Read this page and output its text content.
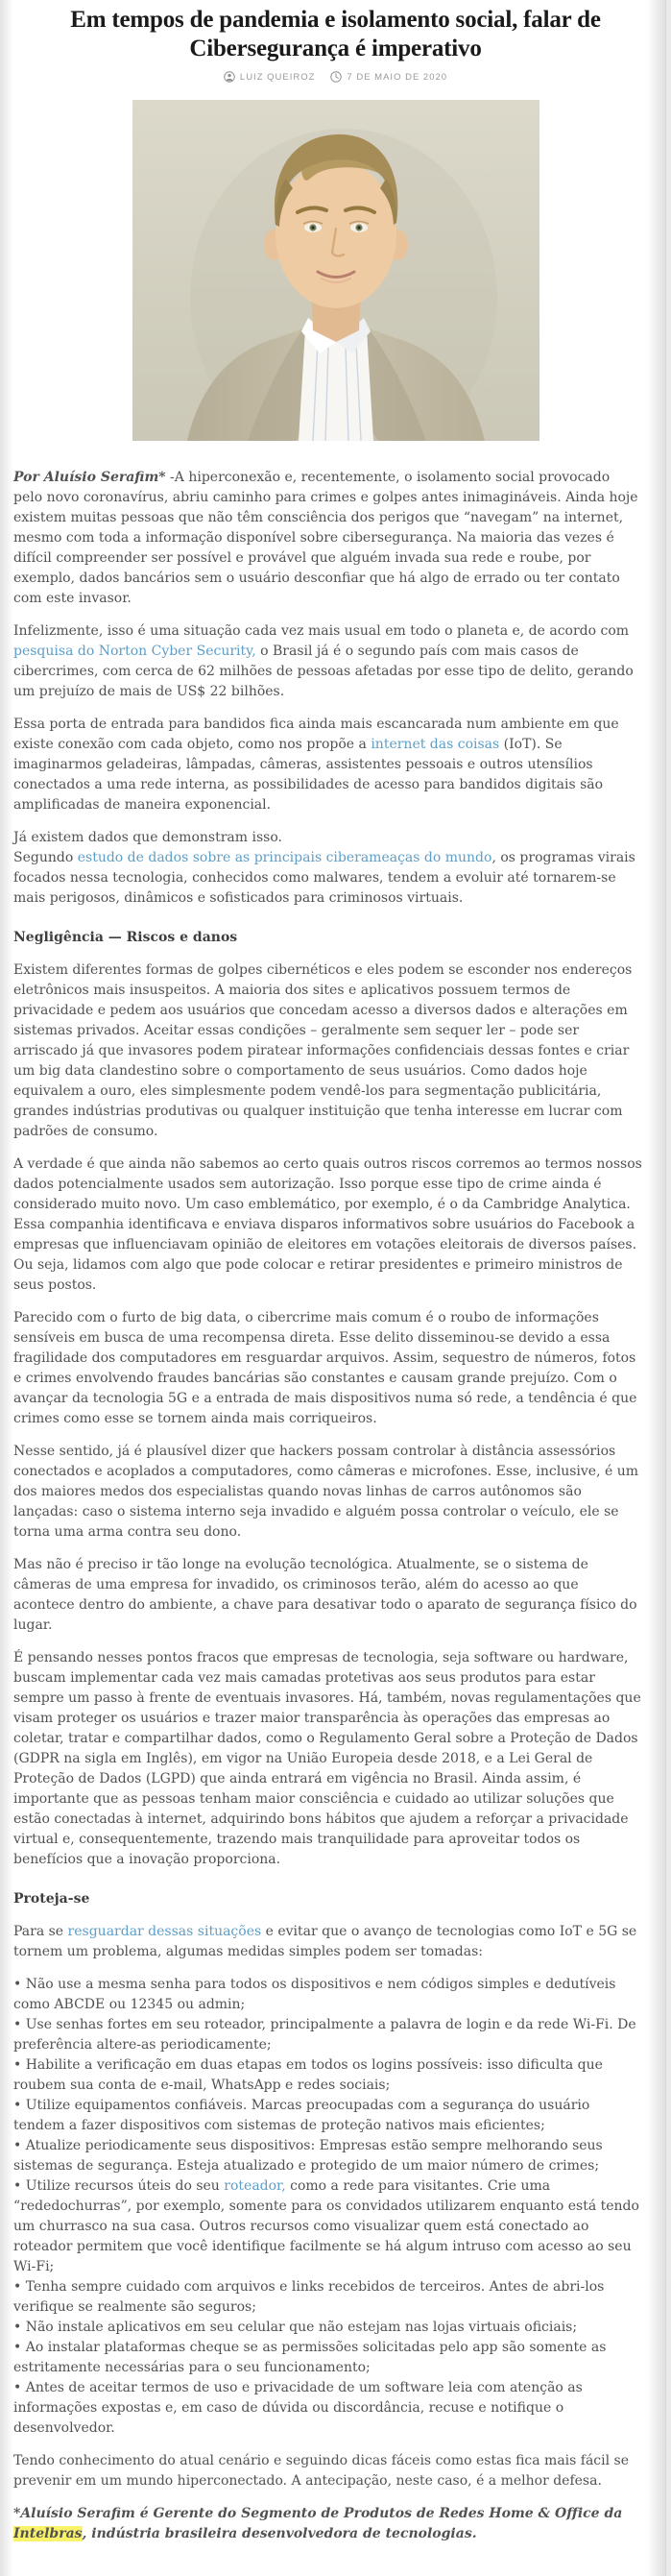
Em tempos de pandemia e isolamento social, falar de Cibersegurança é imperativo
LUIZ QUEIROZ	7 DE MAIO DE 2020

Por Aluísio Serafim* -A hiperconexão e, recentemente, o isolamento social provocado pelo novo coronavírus, abriu caminho para crimes e golpes antes inimagináveis. Ainda hoje existem muitas pessoas que não têm consciência dos perigos que “navegam” na internet, mesmo com toda a informação disponível sobre cibersegurança. Na maioria das vezes é difícil compreender ser possível e provável que alguém invada sua rede e roube, por exemplo, dados bancários sem o usuário desconfiar que há algo de errado ou ter contato com este invasor.

Infelizmente, isso é uma situação cada vez mais usual em todo o planeta e, de acordo com pesquisa do Norton Cyber Security, o Brasil já é o segundo país com mais casos de cibercrimes, com cerca de 62 milhões de pessoas afetadas por esse tipo de delito, gerando um prejuízo de mais de US$ 22 bilhões.

Essa porta de entrada para bandidos fica ainda mais escancarada num ambiente em que existe conexão com cada objeto, como nos propõe a internet das coisas (IoT). Se imaginarmos geladeiras, lâmpadas, câmeras, assistentes pessoais e outros utensílios conectados a uma rede interna, as possibilidades de acesso para bandidos digitais são amplificadas de maneira exponencial.

Já existem dados que demonstram isso.
Segundo estudo de dados sobre as principais ciberameaças do mundo, os programas virais focados nessa tecnologia, conhecidos como malwares, tendem a evoluir até tornarem-se mais perigosos, dinâmicos e sofisticados para criminosos virtuais.

Negligência — Riscos e danos

Existem diferentes formas de golpes cibernéticos e eles podem se esconder nos endereços eletrônicos mais insuspeitos. A maioria dos sites e aplicativos possuem termos de privacidade e pedem aos usuários que concedam acesso a diversos dados e alterações em sistemas privados. Aceitar essas condições – geralmente sem sequer ler – pode ser arriscado já que invasores podem piratear informações confidenciais dessas fontes e criar um big data clandestino sobre o comportamento de seus usuários. Como dados hoje equivalem a ouro, eles simplesmente podem vendê-los para segmentação publicitária, grandes indústrias produtivas ou qualquer instituição que tenha interesse em lucrar com padrões de consumo.

A verdade é que ainda não sabemos ao certo quais outros riscos corremos ao termos nossos dados potencialmente usados sem autorização. Isso porque esse tipo de crime ainda é considerado muito novo. Um caso emblemático, por exemplo, é o da Cambridge Analytica. Essa companhia identificava e enviava disparos informativos sobre usuários do Facebook a empresas que influenciavam opinião de eleitores em votações eleitorais de diversos países. Ou seja, lidamos com algo que pode colocar e retirar presidentes e primeiro ministros de seus postos.

Parecido com o furto de big data, o cibercrime mais comum é o roubo de informações sensíveis em busca de uma recompensa direta. Esse delito disseminou-se devido a essa fragilidade dos computadores em resguardar arquivos. Assim, sequestro de números, fotos e crimes envolvendo fraudes bancárias são constantes e causam grande prejuízo. Com o avançar da tecnologia 5G e a entrada de mais dispositivos numa só rede, a tendência é que crimes como esse se tornem ainda mais corriqueiros.

Nesse sentido, já é plausível dizer que hackers possam controlar à distância assessórios conectados e acoplados a computadores, como câmeras e microfones. Esse, inclusive, é um dos maiores medos dos especialistas quando novas linhas de carros autônomos são lançadas: caso o sistema interno seja invadido e alguém possa controlar o veículo, ele se torna uma arma contra seu dono.

Mas não é preciso ir tão longe na evolução tecnológica. Atualmente, se o sistema de câmeras de uma empresa for invadido, os criminosos terão, além do acesso ao que acontece dentro do ambiente, a chave para desativar todo o aparato de segurança físico do lugar.

É pensando nesses pontos fracos que empresas de tecnologia, seja software ou hardware, buscam implementar cada vez mais camadas protetivas aos seus produtos para estar sempre um passo à frente de eventuais invasores. Há, também, novas regulamentações que visam proteger os usuários e trazer maior transparência às operações das empresas ao coletar, tratar e compartilhar dados, como o Regulamento Geral sobre a Proteção de Dados (GDPR na sigla em Inglês), em vigor na União Europeia desde 2018, e a Lei Geral de Proteção de Dados (LGPD) que ainda entrará em vigência no Brasil. Ainda assim, é importante que as pessoas tenham maior consciência e cuidado ao utilizar soluções que estão conectadas à internet, adquirindo bons hábitos que ajudem a reforçar a privacidade virtual e, consequentemente, trazendo mais tranquilidade para aproveitar todos os benefícios que a inovação proporciona.

Proteja-se

Para se resguardar dessas situações e evitar que o avanço de tecnologias como IoT e 5G se tornem um problema, algumas medidas simples podem ser tomadas:

• Não use a mesma senha para todos os dispositivos e nem códigos simples e dedutíveis como ABCDE ou 12345 ou admin;
• Use senhas fortes em seu roteador, principalmente a palavra de login e da rede Wi-Fi. De preferência altere-as periodicamente;
• Habilite a verificação em duas etapas em todos os logins possíveis: isso dificulta que roubem sua conta de e-mail, WhatsApp e redes sociais;
• Utilize equipamentos confiáveis. Marcas preocupadas com a segurança do usuário tendem a fazer dispositivos com sistemas de proteção nativos mais eficientes;
• Atualize periodicamente seus dispositivos: Empresas estão sempre melhorando seus sistemas de segurança. Esteja atualizado e protegido de um maior número de crimes;
• Utilize recursos úteis do seu roteador, como a rede para visitantes. Crie uma “rededochurras”, por exemplo, somente para os convidados utilizarem enquanto está tendo um churrasco na sua casa. Outros recursos como visualizar quem está conectado ao roteador permitem que você identifique facilmente se há algum intruso com acesso ao seu Wi-Fi;
• Tenha sempre cuidado com arquivos e links recebidos de terceiros. Antes de abri-los verifique se realmente são seguros;
• Não instale aplicativos em seu celular que não estejam nas lojas virtuais oficiais;
• Ao instalar plataformas cheque se as permissões solicitadas pelo app são somente as estritamente necessárias para o seu funcionamento;
• Antes de aceitar termos de uso e privacidade de um software leia com atenção as informações expostas e, em caso de dúvida ou discordância, recuse e notifique o desenvolvedor.

Tendo conhecimento do atual cenário e seguindo dicas fáceis como estas fica mais fácil se prevenir em um mundo hiperconectado. A antecipação, neste caso, é a melhor defesa.

*Aluísio Serafim é Gerente do Segmento de Produtos de Redes Home & Office da Intelbras, indústria brasileira desenvolvedora de tecnologias.
